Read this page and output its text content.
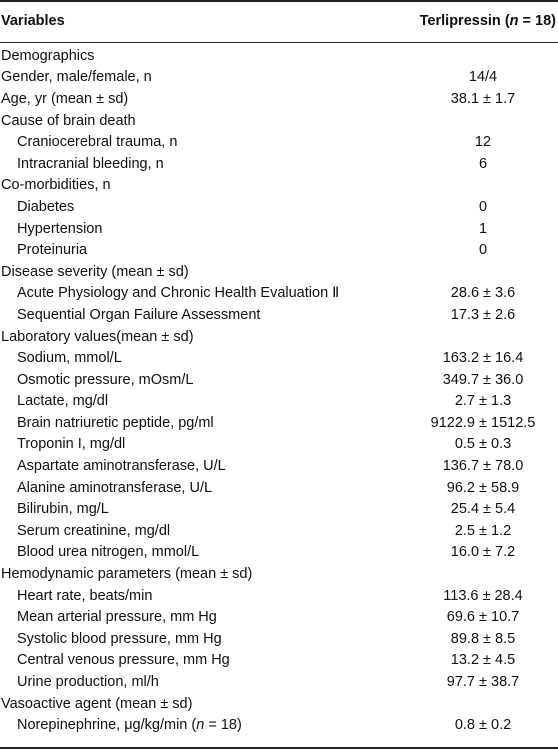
Variables	Terlipressin (n = 18)
Demographics
Gender, male/female, n	14/4
Age, yr (mean ± sd)	38.1 ± 1.7
Cause of brain death
Craniocerebral trauma, n	12
Intracranial bleeding, n	6
Co-morbidities, n
Diabetes	0
Hypertension	1
Proteinuria	0
Disease severity (mean ± sd)
Acute Physiology and Chronic Health Evaluation Ⅱ	28.6 ± 3.6
Sequential Organ Failure Assessment	17.3 ± 2.6
Laboratory values(mean ± sd)
Sodium, mmol/L	163.2 ± 16.4
Osmotic pressure, mOsm/L	349.7 ± 36.0
Lactate, mg/dl	2.7 ± 1.3
Brain natriuretic peptide, pg/ml	9122.9 ± 1512.5
Troponin I, mg/dl	0.5 ± 0.3
Aspartate aminotransferase, U/L	136.7 ± 78.0
Alanine aminotransferase, U/L	96.2 ± 58.9
Bilirubin, mg/L	25.4 ± 5.4
Serum creatinine, mg/dl	2.5 ± 1.2
Blood urea nitrogen, mmol/L	16.0 ± 7.2
Hemodynamic parameters (mean ± sd)
Heart rate, beats/min	113.6 ± 28.4
Mean arterial pressure, mm Hg	69.6 ± 10.7
Systolic blood pressure, mm Hg	89.8 ± 8.5
Central venous pressure, mm Hg	13.2 ± 4.5
Urine production, ml/h	97.7 ± 38.7
Vasoactive agent (mean ± sd)
Norepinephrine, μg/kg/min (n = 18)	0.8 ± 0.2
